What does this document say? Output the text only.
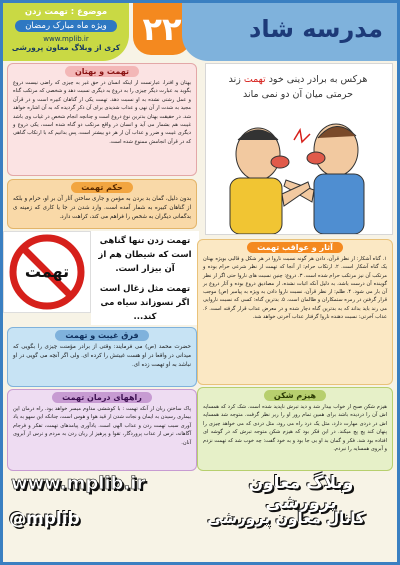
موضوع : تهمت زدن
ویژه ماه مبارک رمضان
www.mplib.ir
کری از وبلاگ معاون پرورشی ۲۲	مدرسه شاد
هرکس به برادر دینی خود تهمت زند
حرمتی میان آن دو نمی ماند
تهمت و بهتان

بهتان و افترا، عبارتست از اینکه انسان در حق غیر به چیزی که راضی نیست دروغ بگوید به عبارت دیگر چیزی را به دروغ به دیگری نسبت دهد و شخصی که مرتکب گناه و عمل زشتی نشده به او نسبت دهد. تهمت یکی از گناهان کبیره است و در قرآن مجید به شدت از آن نهی و عذاب شدیدی برای آن ذکر گردیده که به آن اشاره خواهد شد. در حقیقت بهتان بدترین نوع دروغ است و چنانچه انجام شخص در غیاب وی باشد غیبت هم بشمار می آید و انسان در واقع مرتکب دو گناه شده است، یکی دروغ و دیگری غیبت و ضرر و عذاب آن از هر دو بیشتر است، پس بدانیم که با ارتکاب گناهی که در قرآن انجامش ممنوع شده است.

حکم تهمت

بدون دلیل، گمان بد بردن به مؤمن و جاری ساختن آثار آن بر او، حرام و بلکه از گناهان کبیره به شمار آمده است. وارد شدن در جا یا کاری که زمینه ی بدگمانی دیگران به شخص را فراهم می کند، کراهت دارد.

تهمت
تهمت زدن تنها گناهی است که شیطان هم از آن بیزار است.
تهمت مثل زغال است اگر نسوزاند سیاه می کند...
آثار و عواقب تهمت

۱. گناه آشکار: از نظر قرآن، دادن هر گونه نسبت ناروا در هر شکل و قالبی بویژه بهتان یک گناه آشکار است. ۲. ارتکاب حرام: از آنجا که تهمت از نظر شرعی حرام بوده و مرتکب آن نیز مرتکب حرام شده است. ۳. دروغ: چنین نسبت های ناروا حتی اگر از نظر گوینده آن درست باشد، به دلیل آنکه اثبات نشده، از مصادیق دروغ بوده و آثار دروغ بر آن بار می شود. ۴. ظلم: از نظر قرآن، نسبت ناروا دادن به ویژه به پیامبر (ص) موجب قرار گرفتن در زمره ستمکاران و ظالمان است. ۵. بدترین گناه: کسی که نسبت ناروایی می زند باید بداند که به بدترین گناه دچار شده و در معرض عذاب قرار گرفته است. ۶. عذاب آخرتی: نسبت دهنده ناروا گرفتار عذاب آخرتی خواهد شد.

فرق غیبت و تهمت

حضرت محمد (ص) می فرمایند: وقتی از برادر مؤمنت چیزی را بگویی که میدانی در واقعا در او هست غیبتش را کرده ای. ولی اگر آنچه می گویی در او نباشد به او تهمت زده ای.

راههای درمان تهمت

پاک ساختن زبان از آنکه تهمت : با کوششی مداوم میسر خواهد بود. راه درمان این بیماری رسیدن به ایمان و نجات شدن از قید هوا و هوس است، چنانکه این سهو به یاد آوری سبب تهمت زدن و عذاب الهی است. یادآوری پیامدهای تهمت، تفکر و فرجام آگاهانه، ترس از عذاب پروردگار، تقوا و پرهیز از زیان زدن به مردم و ترس از آبروی آنان.

هیزم شکن

هیزم شکن صبح از خواب بیدار شد و دید تبرش ناپدید شده است. شک کرد که همسایه اش آن را دزدیده باشد برای همین تمام روز او را زیر نظر گرفت. متوجه شد همسایه اش در دزدی مهارت دارد، مثل یک دزد راه می رود، مثل دزدی که می خواهد چیزی را پنهان کند پچ پچ میکند. در این فکر بود که هیزم شکن متوجه تبرش که در گوشه ای افتاده بود شد. فکر و گمان بد او بی جا بود و به خود گفت: چه خوب شد که تهمت نزدم و آبروی همسایه را نبردم.

www.mplib.ir	وبلاگ معاون پرورشی
@mplib	کانال معاون پرورشی
